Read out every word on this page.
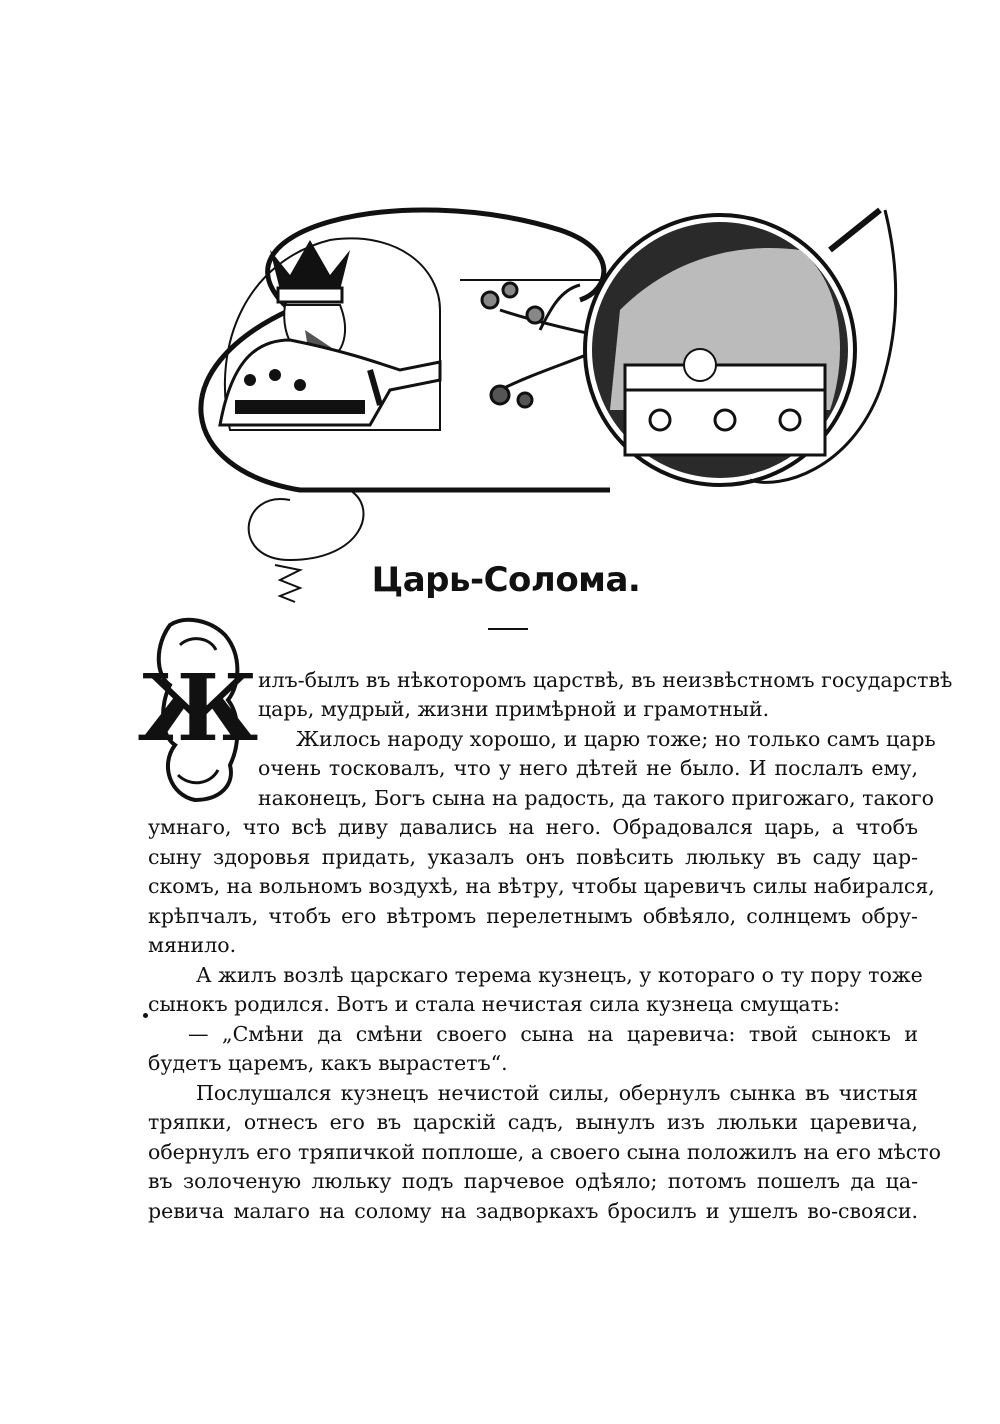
Царь-Солома.
Ж илъ-былъ въ нѣкоторомъ царствѣ, въ неизвѣстномъ государствѣ
царь, мудрый, жизни примѣрной и грамотный.
Жилось народу хорошо, и царю тоже; но только самъ царь
очень тосковалъ, что у него дѣтей не было. И послалъ ему,
наконецъ, Богъ сына на радость, да такого пригожаго, такого
умнаго, что всѣ диву давались на него. Обрадовался царь, а чтобъ
сыну здоровья придать, указалъ онъ повѣсить люльку въ саду цар-
скомъ, на вольномъ воздухѣ, на вѣтру, чтобы царевичъ силы набирался,
крѣпчалъ, чтобъ его вѣтромъ перелетнымъ обвѣяло, солнцемъ обру-
мянило.
А жилъ возлѣ царскаго терема кузнецъ, у котораго о ту пору тоже
сынокъ родился. Вотъ и стала нечистая сила кузнеца смущать:
— „Смѣни да смѣни своего сына на царевича: твой сынокъ и
будетъ царемъ, какъ вырастетъ“.
Послушался кузнецъ нечистой силы, обернулъ сынка въ чистыя
тряпки, отнесъ его въ царскій садъ, вынулъ изъ люльки царевича,
обернулъ его тряпичкой поплоше, а своего сына положилъ на его мѣсто
въ золоченую люльку подъ парчевое одѣяло; потомъ пошелъ да ца-
ревича малаго на солому на задворкахъ бросилъ и ушелъ во-свояси.
